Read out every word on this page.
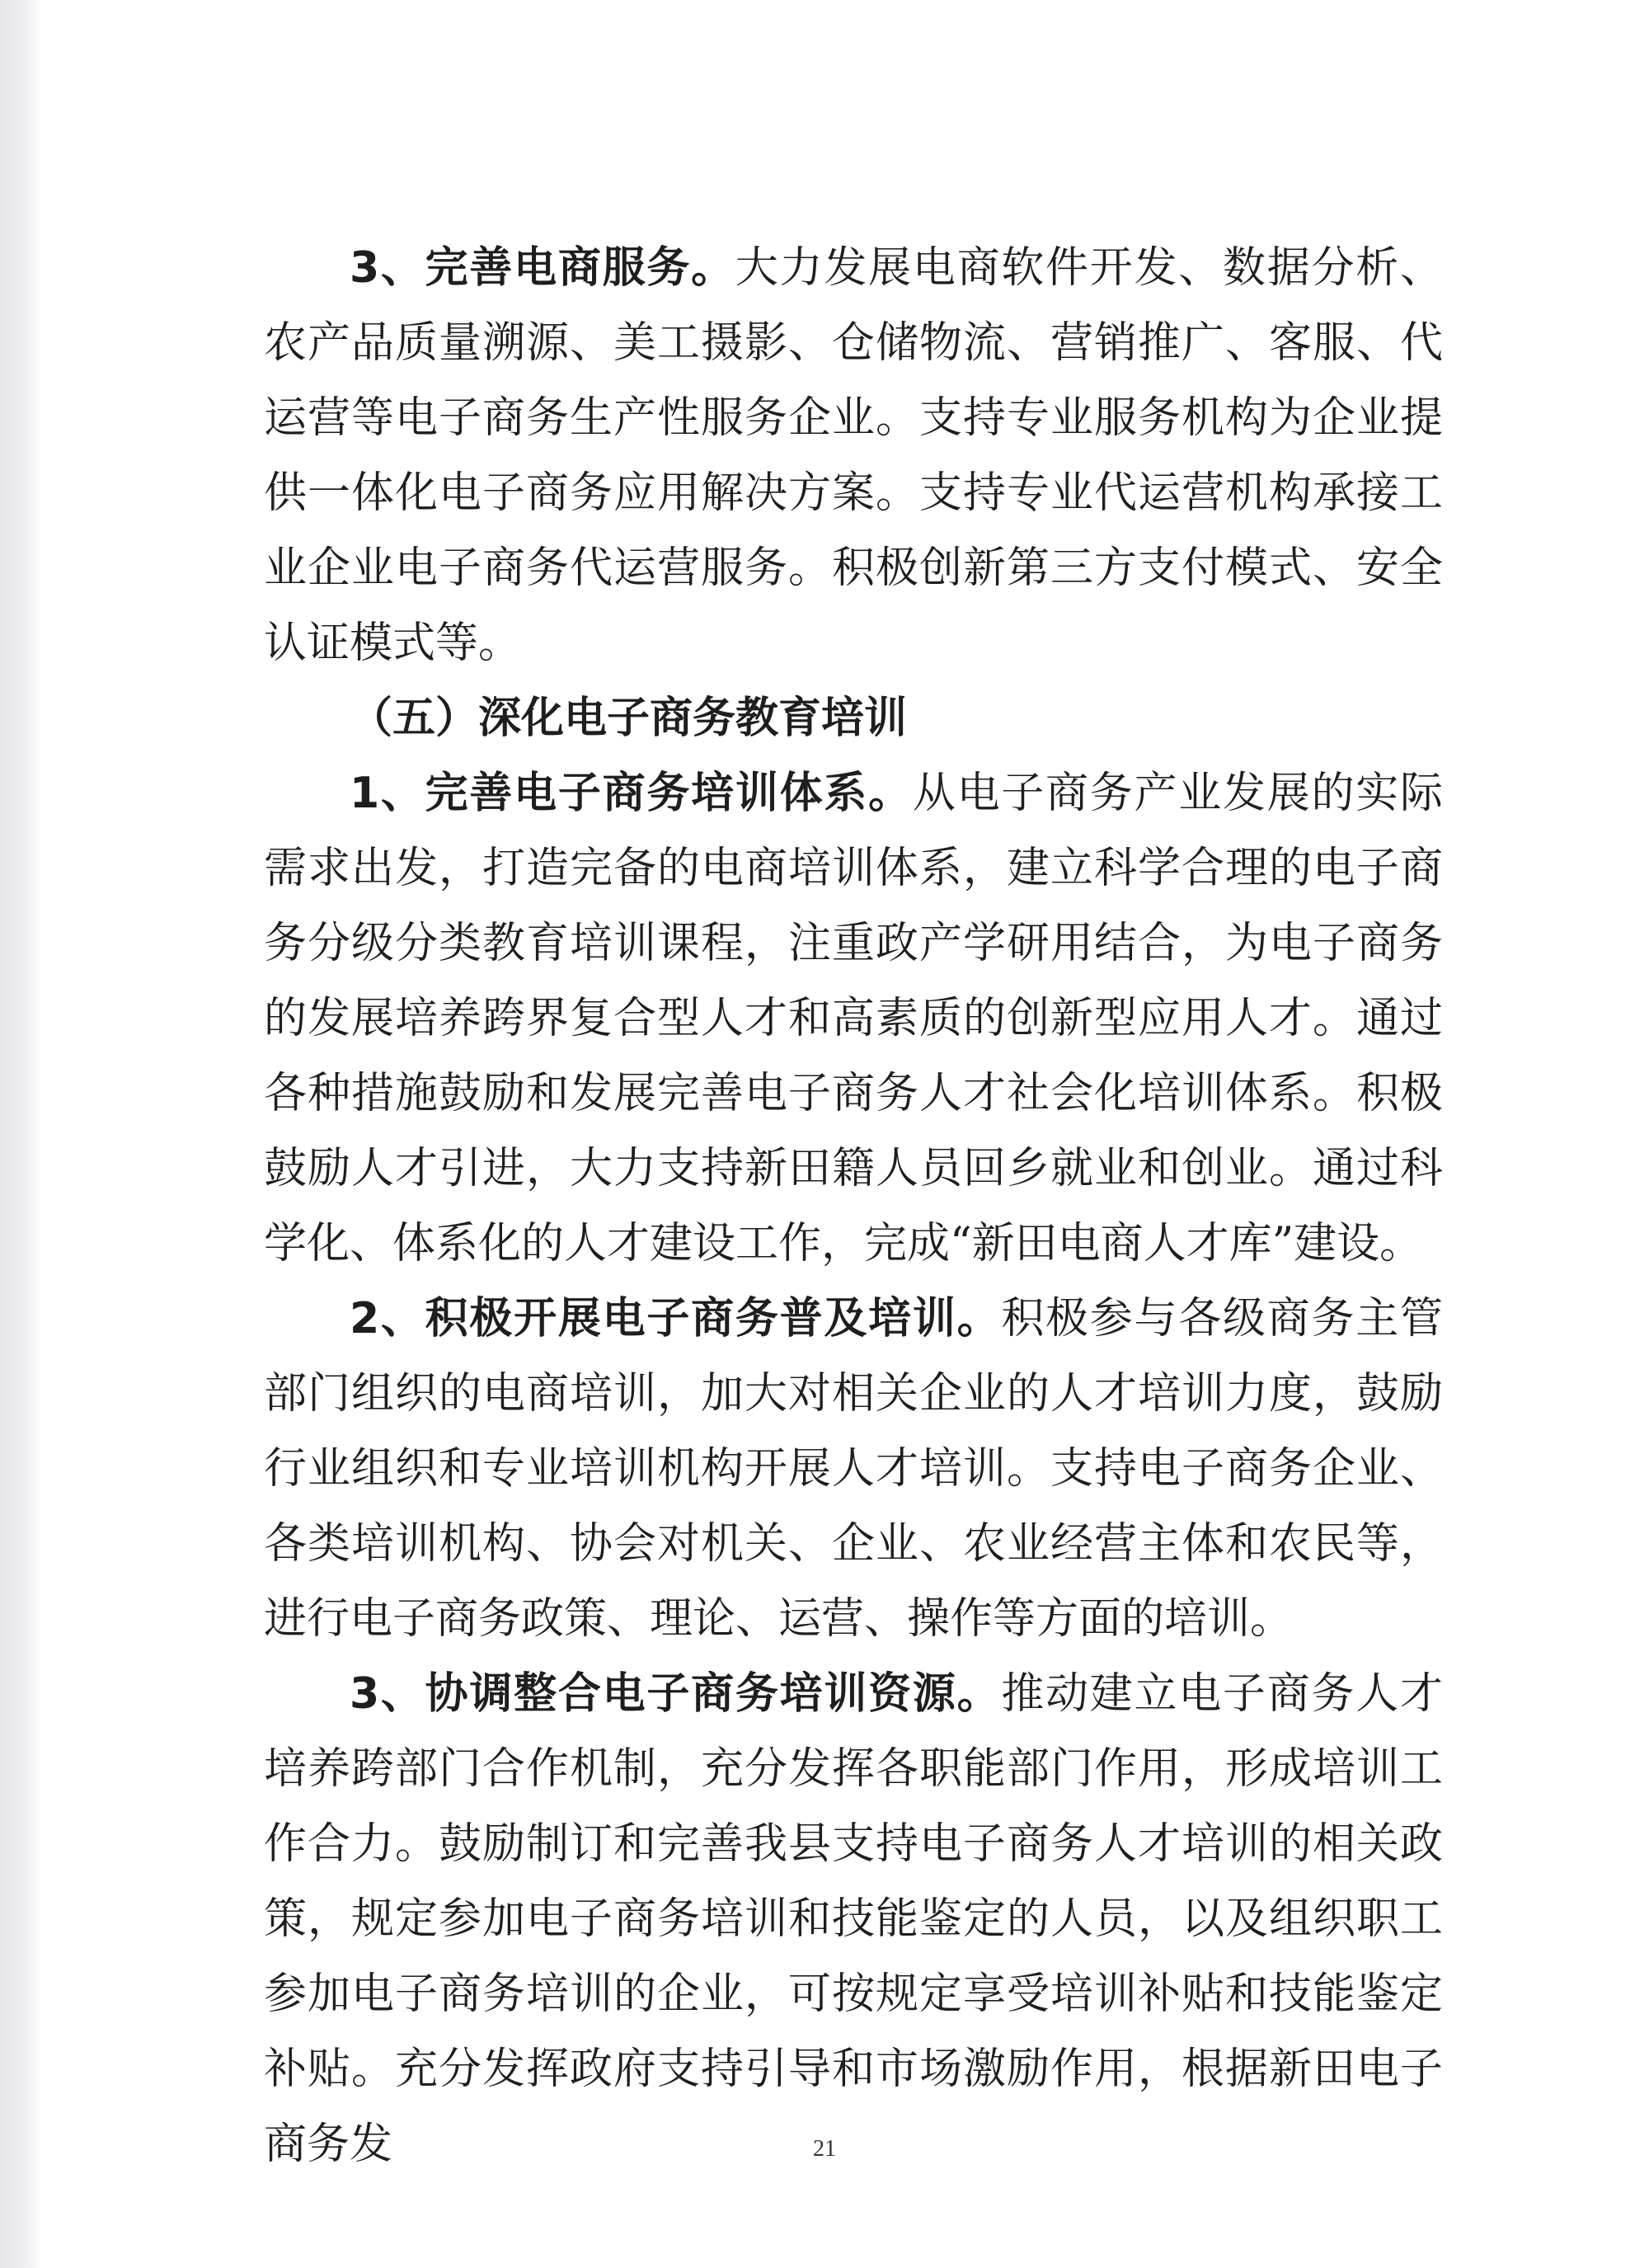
3、完善电商服务。大力发展电商软件开发、数据分析、农产品质量溯源、美工摄影、仓储物流、营销推广、客服、代运营等电子商务生产性服务企业。支持专业服务机构为企业提供一体化电子商务应用解决方案。支持专业代运营机构承接工业企业电子商务代运营服务。积极创新第三方支付模式、安全认证模式等。

（五）深化电子商务教育培训

1、完善电子商务培训体系。从电子商务产业发展的实际需求出发，打造完备的电商培训体系，建立科学合理的电子商务分级分类教育培训课程，注重政产学研用结合，为电子商务的发展培养跨界复合型人才和高素质的创新型应用人才。通过各种措施鼓励和发展完善电子商务人才社会化培训体系。积极鼓励人才引进，大力支持新田籍人员回乡就业和创业。通过科学化、体系化的人才建设工作，完成“新田电商人才库”建设。

2、积极开展电子商务普及培训。积极参与各级商务主管部门组织的电商培训，加大对相关企业的人才培训力度，鼓励行业组织和专业培训机构开展人才培训。支持电子商务企业、各类培训机构、协会对机关、企业、农业经营主体和农民等，进行电子商务政策、理论、运营、操作等方面的培训。

3、协调整合电子商务培训资源。推动建立电子商务人才培养跨部门合作机制，充分发挥各职能部门作用，形成培训工作合力。鼓励制订和完善我县支持电子商务人才培训的相关政策，规定参加电子商务培训和技能鉴定的人员，以及组织职工参加电子商务培训的企业，可按规定享受培训补贴和技能鉴定补贴。充分发挥政府支持引导和市场激励作用，根据新田电子商务发	21
